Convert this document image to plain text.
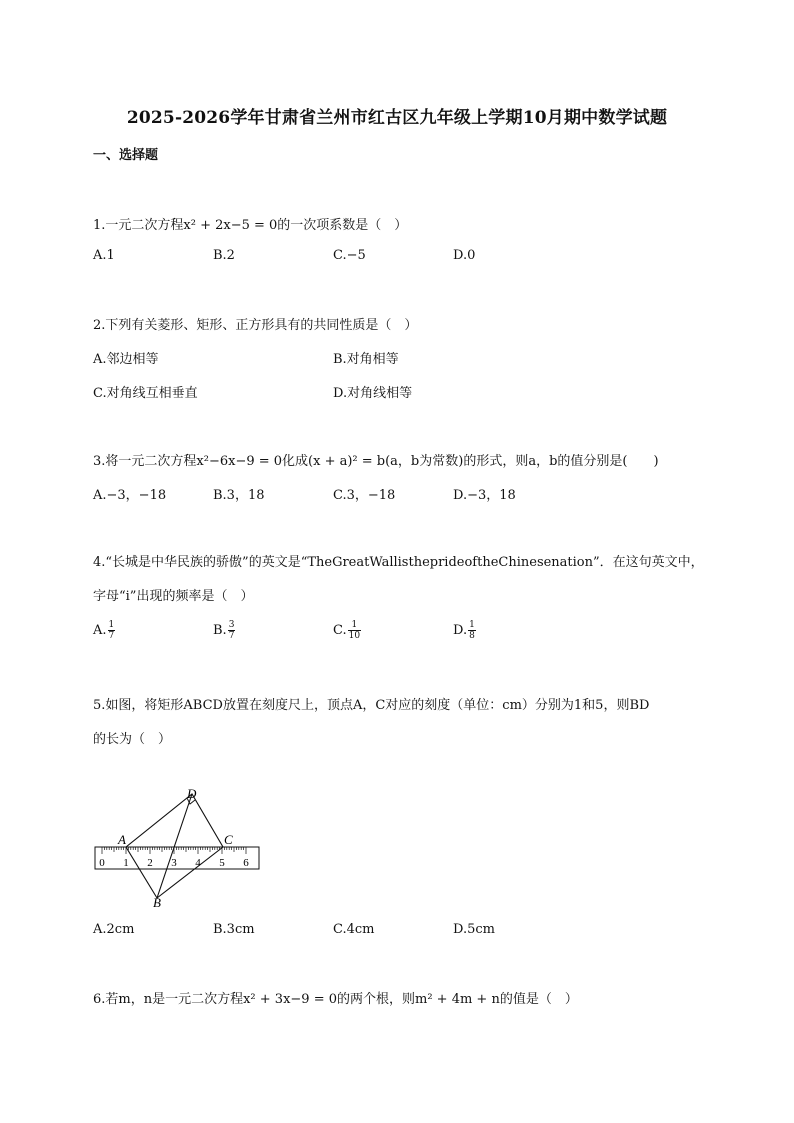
2025-2026学年甘肃省兰州市红古区九年级上学期10月期中数学试题
一、选择题
1.一元二次方程x² + 2x−5 = 0的一次项系数是（　）
A.1	B.2	C.−5	D.0
2.下列有关菱形、矩形、正方形具有的共同性质是（　）
A.邻边相等	B.对角相等
C.对角线互相垂直	D.对角线相等
3.将一元二次方程x²−6x−9 = 0化成(x + a)² = b(a，b为常数)的形式，则a，b的值分别是(　　)
A.−3，−18	B.3，18	C.3，−18	D.−3，18
4.“长城是中华民族的骄傲”的英文是“TheGreatWallistheprideoftheChinesenation”．在这句英文中，
字母“i”出现的频率是（　）
A. $\frac{1}{7}$	B. $\frac{3}{7}$	C. $\frac{1}{10}$	D. $\frac{1}{8}$
5.如图，将矩形ABCD放置在刻度尺上，顶点A，C对应的刻度（单位：cm）分别为1和5，则BD
的长为（　）
0 1 2 3 4 5 6
A
B
C
D
A.2cm	B.3cm	C.4cm	D.5cm
6.若m，n是一元二次方程x² + 3x−9 = 0的两个根，则m² + 4m + n的值是（　）
